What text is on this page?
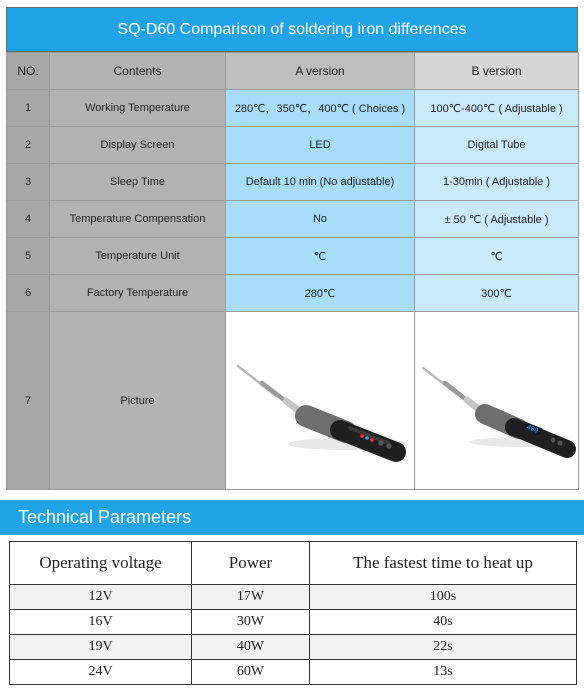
SQ-D60 Comparison of soldering iron differences
NO.	Contents	A version	B version
1	Working Temperature	280℃，350℃，400℃ ( Choices )	100℃-400℃ ( Adjustable )
2	Display Screen	LED	Digital Tube
3	Sleep Time	Default 10 min (No adjustable)	1-30min ( Adjustable )
4	Temperature Compensation	No	± 50 ℃ ( Adjustable )
5	Temperature Unit	℃	℃
6	Factory Temperature	280℃	300℃
7	Picture		400
Technical Parameters
Operating voltage	Power	The fastest time to heat up
12V	17W	100s
16V	30W	40s
19V	40W	22s
24V	60W	13s
